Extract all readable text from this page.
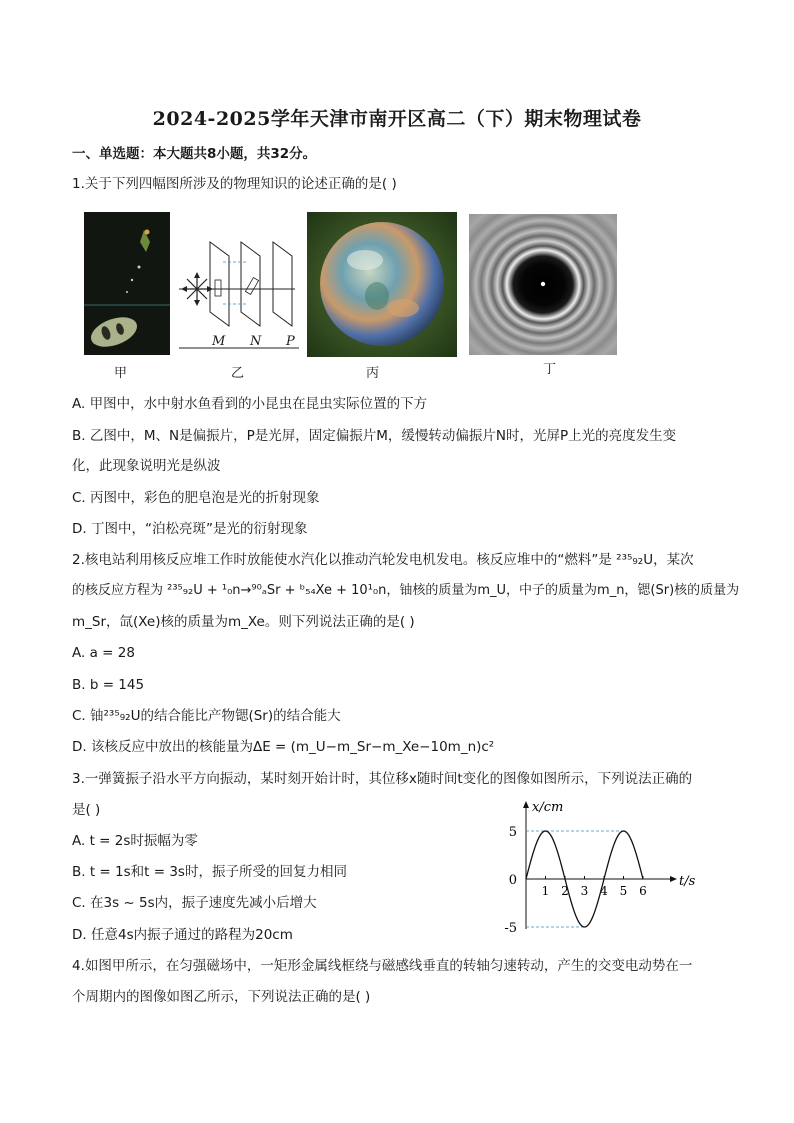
2024-2025学年天津市南开区高二（下）期末物理试卷
一、单选题：本大题共8小题，共32分。
1.关于下列四幅图所涉及的物理知识的论述正确的是( )
甲
M N P
乙	丙	丁
A. 甲图中，水中射水鱼看到的小昆虫在昆虫实际位置的下方
B. 乙图中，M、N是偏振片，P是光屏，固定偏振片M，缓慢转动偏振片N时，光屏P上光的亮度发生变
化，此现象说明光是纵波
C. 丙图中，彩色的肥皂泡是光的折射现象
D. 丁图中，“泊松亮斑”是光的衍射现象
2.核电站利用核反应堆工作时放能使水汽化以推动汽轮发电机发电。核反应堆中的“燃料”是 ²³⁵₉₂U，某次
的核反应方程为 ²³⁵₉₂U + ¹₀n→⁹⁰ₐSr + ᵇ₅₄Xe + 10¹₀n，铀核的质量为m_U，中子的质量为m_n，锶(Sr)核的质量为
m_Sr，氙(Xe)核的质量为m_Xe。则下列说法正确的是( )
A. a = 28
B. b = 145
C. 铀²³⁵₉₂U的结合能比产物锶(Sr)的结合能大
D. 该核反应中放出的核能量为ΔE = (m_U−m_Sr−m_Xe−10m_n)c²
3.一弹簧振子沿水平方向振动，某时刻开始计时，其位移x随时间t变化的图像如图所示，下列说法正确的
是( )
A. t = 2s时振幅为零
B. t = 1s和t = 3s时，振子所受的回复力相同
C. 在3s ~ 5s内，振子速度先减小后增大
D. 任意4s内振子通过的路程为20cm
x/cm
t/s
5
0
-5
1 2 3 4 5 6
4.如图甲所示，在匀强磁场中，一矩形金属线框绕与磁感线垂直的转轴匀速转动，产生的交变电动势在一
个周期内的图像如图乙所示，下列说法正确的是( )
